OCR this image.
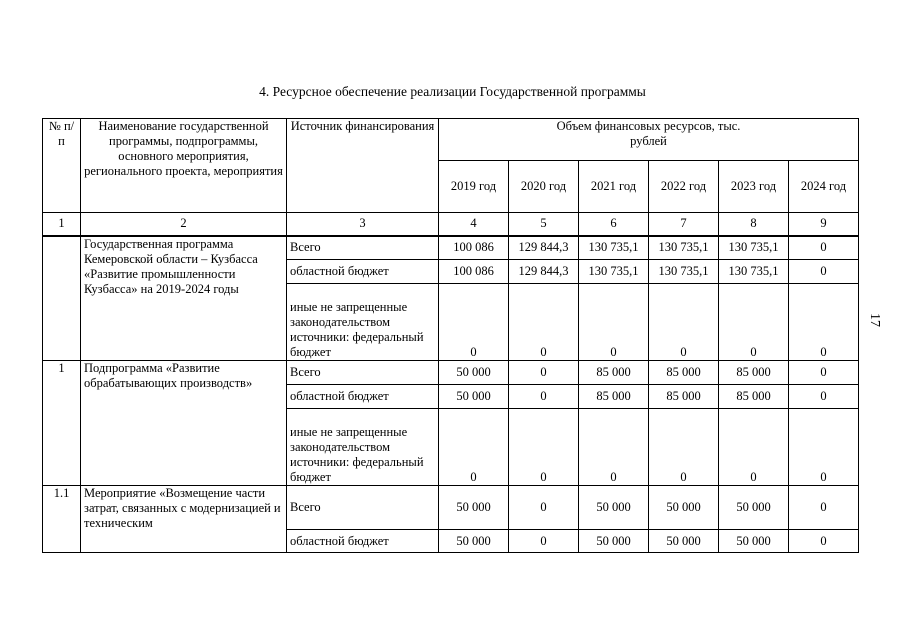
4. Ресурсное обеспечение реализации Государственной программы
17
№ п/п	Наименование государственной программы, подпрограммы, основного мероприятия, регионального проекта, мероприятия	Источник финансирования	Объем финансовых ресурсов, тыс. рублей					
			2019 год	2020 год	2021 год	2022 год	2023 год	2024 год
1	2	3	4	5	6	7	8	9
	Государственная программа Кемеровской области – Кузбасса «Развитие промышленности Кузбасса» на 2019-2024 годы	Всего	100 086	129 844,3	130 735,1	130 735,1	130 735,1	0
		областной бюджет	100 086	129 844,3	130 735,1	130 735,1	130 735,1	0
		иные не запрещенные законодательством источники: федеральный бюджет	0	0	0	0	0	0
1	Подпрограмма «Развитие обрабатывающих производств»	Всего	50 000	0	85 000	85 000	85 000	0
		областной бюджет	50 000	0	85 000	85 000	85 000	0
		иные не запрещенные законодательством источники: федеральный бюджет	0	0	0	0	0	0
1.1	Мероприятие «Возмещение части затрат, связанных с модернизацией и техническим	Всего	50 000	0	50 000	50 000	50 000	0
		областной бюджет	50 000	0	50 000	50 000	50 000	0
